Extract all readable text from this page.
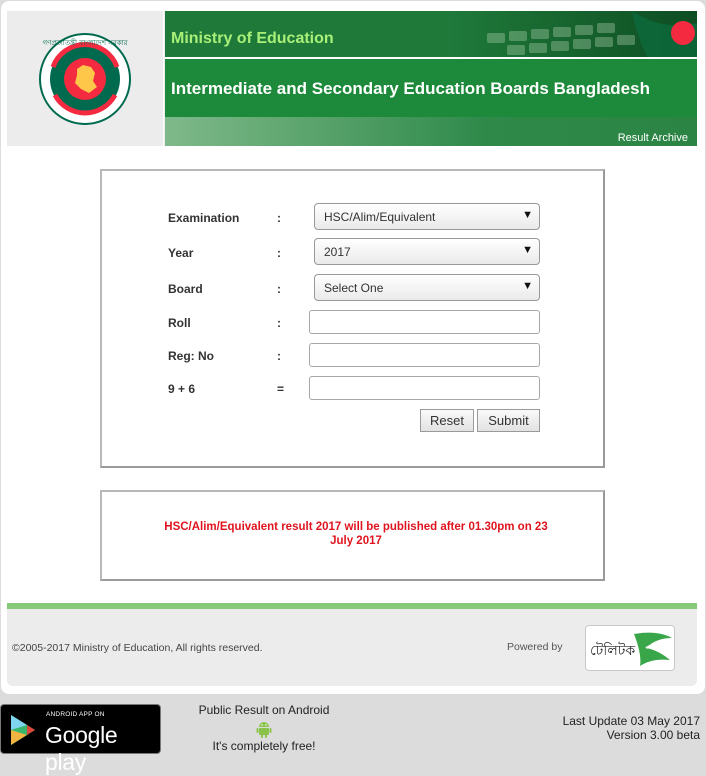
গণপ্রজাতন্ত্রী বাংলাদেশ সরকার	Ministry of Education
Intermediate and Secondary Education Boards Bangladesh
Result Archive
Examination	:	HSC/Alim/Equivalent	▼
Year	:	2017	▼
Board	:	Select One	▼
Roll	:
Reg: No	:
9 + 6	=
Reset	Submit
HSC/Alim/Equivalent result 2017 will be published after 01.30pm on 23 July 2017
©2005-2017 Ministry of Education, All rights reserved.	Powered by টেলিটক
ANDROID APP ON
Google play
Public Result on Android
It's completely free!
Last Update 03 May 2017
Version 3.00 beta
